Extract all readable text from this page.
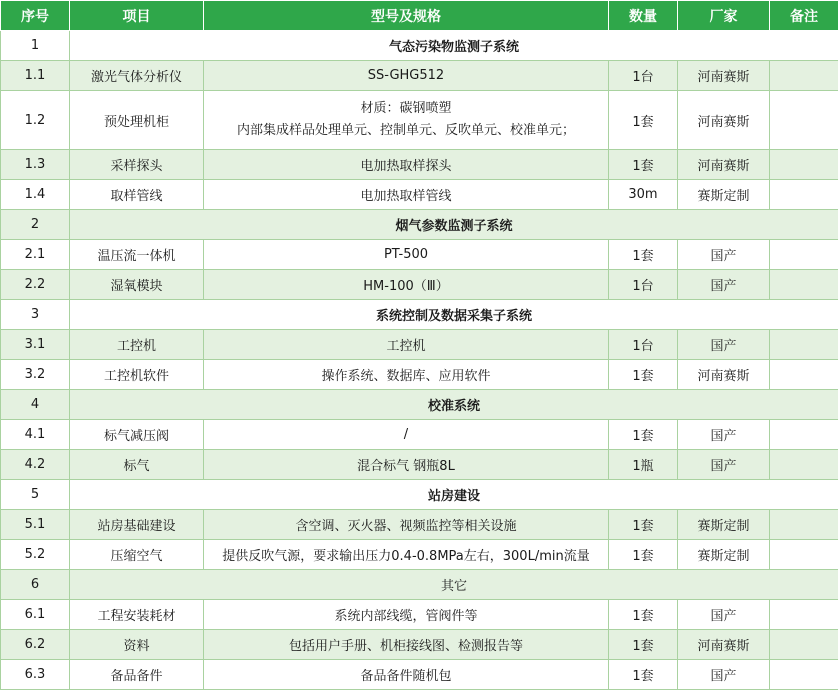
序号	项目	型号及规格	数量	厂家	备注
1	气态污染物监测子系统				
1.1	激光气体分析仪	SS-GHG512	1台	河南赛斯	
1.2	预处理机柜	材质：碳钢喷塑
内部集成样品处理单元、控制单元、反吹单元、校准单元；	1套	河南赛斯	
1.3	采样探头	电加热取样探头	1套	河南赛斯	
1.4	取样管线	电加热取样管线	30m	赛斯定制	
2	烟气参数监测子系统				
2.1	温压流一体机	PT-500	1套	国产	
2.2	湿氧模块	HM-100（Ⅲ）	1台	国产	
3	系统控制及数据采集子系统				
3.1	工控机	工控机	1台	国产	
3.2	工控机软件	操作系统、数据库、应用软件	1套	河南赛斯	
4	校准系统				
4.1	标气减压阀	/	1套	国产	
4.2	标气	混合标气 钢瓶8L	1瓶	国产	
5	站房建设				
5.1	站房基础建设	含空调、灭火器、视频监控等相关设施	1套	赛斯定制	
5.2	压缩空气	提供反吹气源，要求输出压力0.4-0.8MPa左右，300L/min流量	1套	赛斯定制	
6	其它				
6.1	工程安装耗材	系统内部线缆，管阀件等	1套	国产	
6.2	资料	包括用户手册、机柜接线图、检测报告等	1套	河南赛斯	
6.3	备品备件	备品备件随机包	1套	国产	
